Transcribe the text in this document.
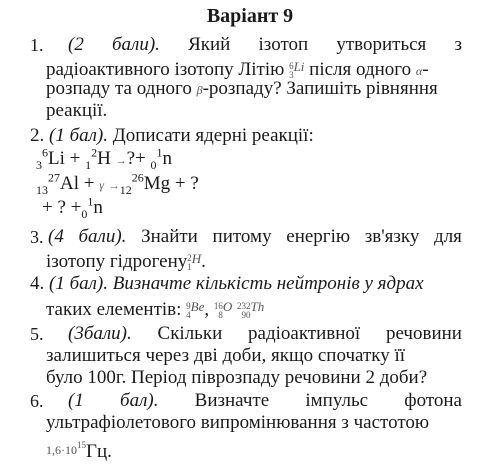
Варіант 9
1. (2 бали). Який ізотоп утвориться з
радіоактивного ізотопу Літію 6
3
$^{Li}$ після одного α-
розпаду та одного β-розпаду? Запишіть рівняння
реакції.
2. (1 бал). Дописати ядерні реакції:
$_3^6$Li + $_1^2$H →?+ $_0^1$n
$_{13}^{27}Al + \gamma \to_{12}^{26}Mg$ + ?
+ ? $+_0^1n$
3. (4 бали). Знайти питому енергію зв'язку для
ізотопу гідрогену 2
1
$^H$.
4. (1 бал). Визначте кількість нейтронів у ядрах
таких елементів: 9
4
$^{Be}$, 16
8
$^O$ 232
90
$^{Th}$
5. (3бали). Скільки радіоактивної речовини
залишиться через дві доби, якщо спочатку її
було 100г. Період піврозпаду речовини 2 доби?
6. (1 бал). Визначте імпульс фотона
ультрафіолетового випромінювання з частотою
$1,6\cdot 10^{15}Гц$.
